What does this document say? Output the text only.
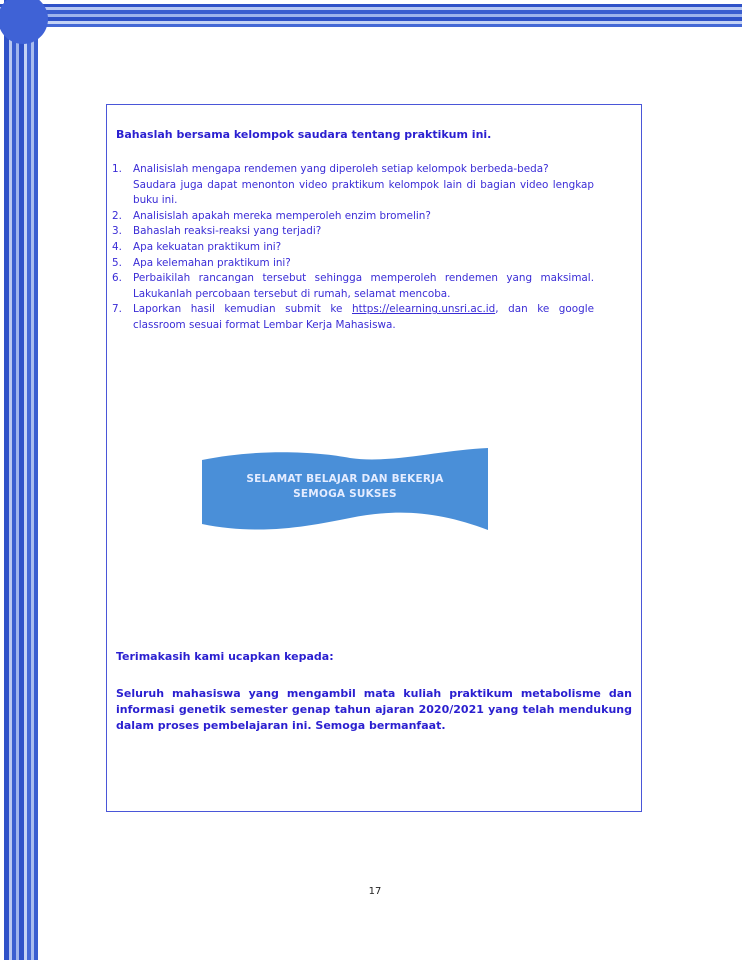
Bahaslah bersama kelompok saudara tentang praktikum ini.

1. Analisislah mengapa rendemen yang diperoleh setiap kelompok berbeda-beda?
Saudara juga dapat menonton video praktikum kelompok lain di bagian video lengkap buku ini.
2. Analisislah apakah mereka memperoleh enzim bromelin?
3. Bahaslah reaksi-reaksi yang terjadi?
4. Apa kekuatan praktikum ini?
5. Apa kelemahan praktikum ini?
6. Perbaikilah rancangan tersebut sehingga memperoleh rendemen yang maksimal. Lakukanlah percobaan tersebut di rumah, selamat mencoba.
7. Laporkan hasil kemudian submit ke https://elearning.unsri.ac.id, dan ke google classroom sesuai format Lembar Kerja Mahasiswa.
SELAMAT BELAJAR DAN BEKERJA
SEMOGA SUKSES

Terimakasih kami ucapkan kepada:

Seluruh mahasiswa yang mengambil mata kuliah praktikum metabolisme dan informasi genetik semester genap tahun ajaran 2020/2021 yang telah mendukung dalam proses pembelajaran ini. Semoga bermanfaat.

17
